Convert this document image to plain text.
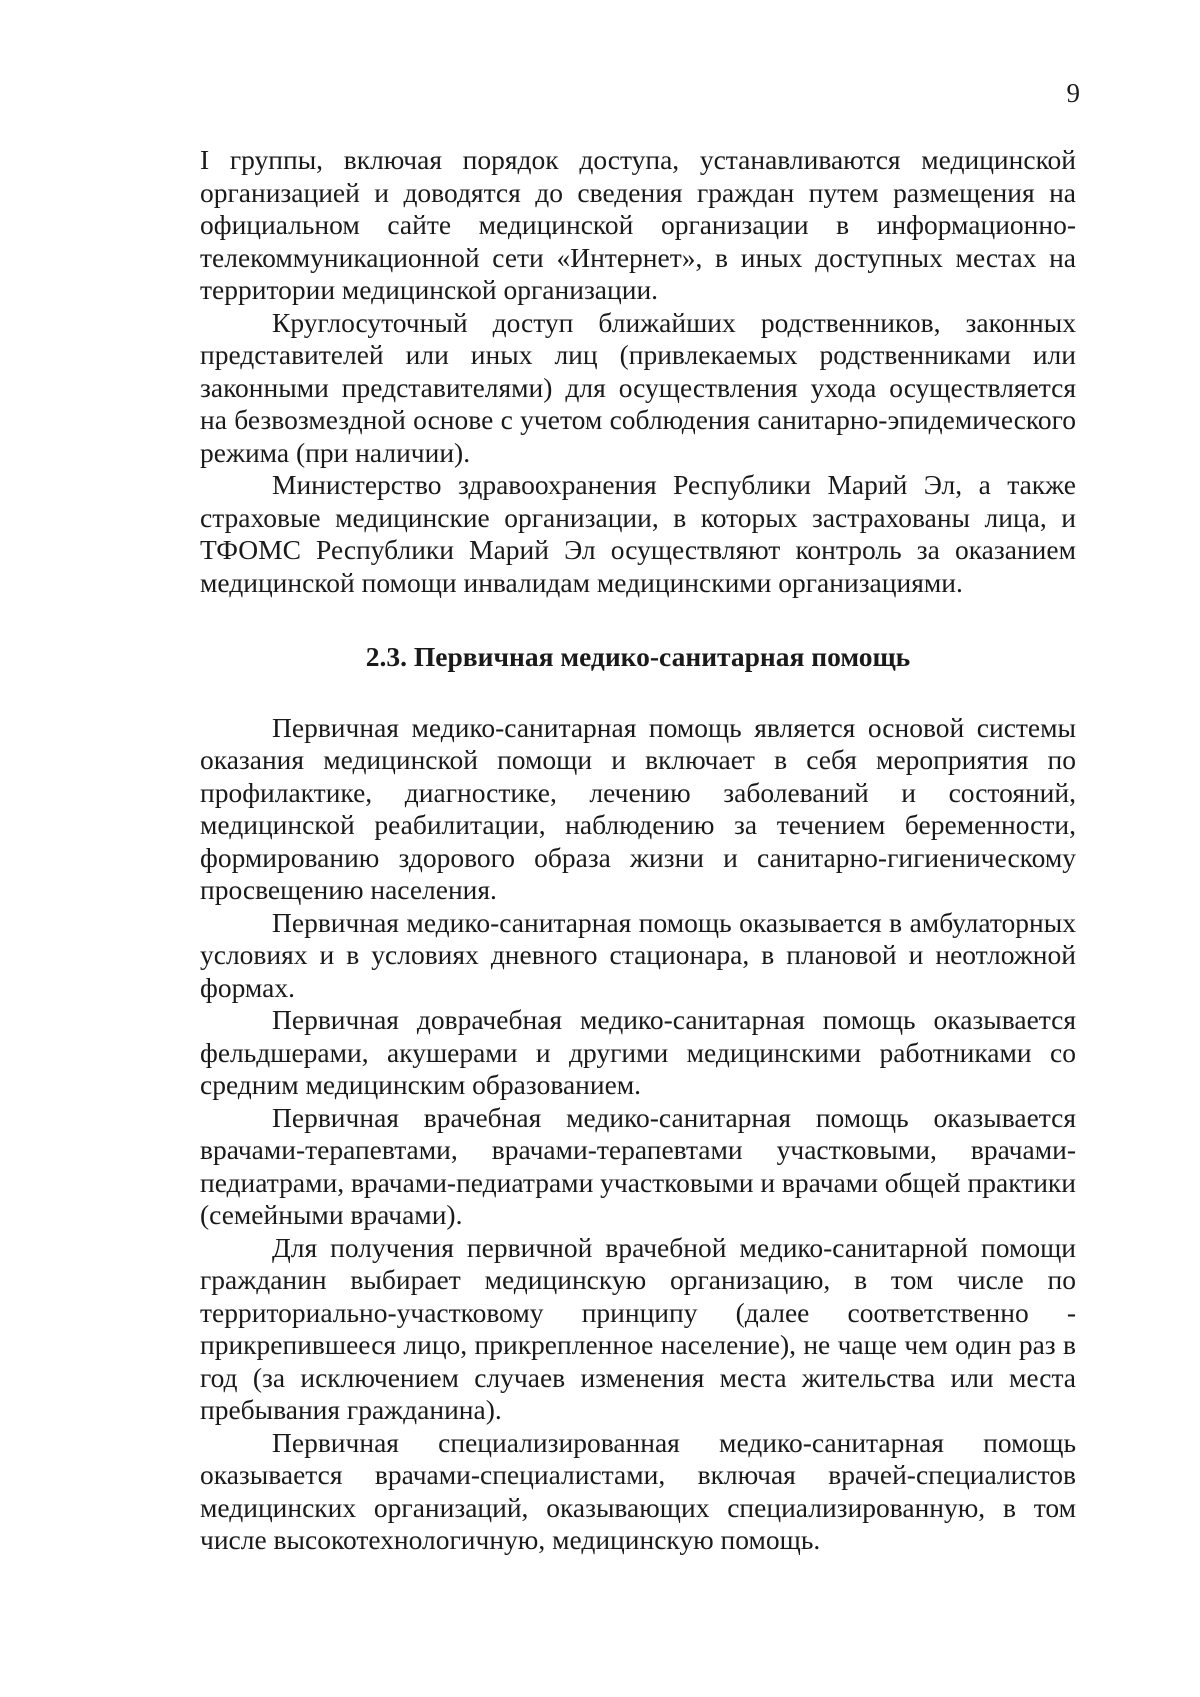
9

I группы, включая порядок доступа, устанавливаются медицинской организацией и доводятся до сведения граждан путем размещения на официальном сайте медицинской организации в информационно-телекоммуникационной сети «Интернет», в иных доступных местах на территории медицинской организации.

Круглосуточный доступ ближайших родственников, законных представителей или иных лиц (привлекаемых родственниками или законными представителями) для осуществления ухода осуществляется на безвозмездной основе с учетом соблюдения санитарно-эпидемического режима (при наличии).

Министерство здравоохранения Республики Марий Эл, а также страховые медицинские организации, в которых застрахованы лица, и ТФОМС Республики Марий Эл осуществляют контроль за оказанием медицинской помощи инвалидам медицинскими организациями.

2.3. Первичная медико-санитарная помощь

Первичная медико-санитарная помощь является основой системы оказания медицинской помощи и включает в себя мероприятия по профилактике, диагностике, лечению заболеваний и состояний, медицинской реабилитации, наблюдению за течением беременности, формированию здорового образа жизни и санитарно-гигиеническому просвещению населения.

Первичная медико-санитарная помощь оказывается в амбулаторных условиях и в условиях дневного стационара, в плановой и неотложной формах.

Первичная доврачебная медико-санитарная помощь оказывается фельдшерами, акушерами и другими медицинскими работниками со средним медицинским образованием.

Первичная врачебная медико-санитарная помощь оказывается врачами-терапевтами, врачами-терапевтами участковыми, врачами-педиатрами, врачами-педиатрами участковыми и врачами общей практики (семейными врачами).

Для получения первичной врачебной медико-санитарной помощи гражданин выбирает медицинскую организацию, в том числе по территориально-участковому принципу (далее соответственно - прикрепившееся лицо, прикрепленное население), не чаще чем один раз в год (за исключением случаев изменения места жительства или места пребывания гражданина).

Первичная специализированная медико-санитарная помощь оказывается врачами-специалистами, включая врачей-специалистов медицинских организаций, оказывающих специализированную, в том числе высокотехнологичную, медицинскую помощь.
